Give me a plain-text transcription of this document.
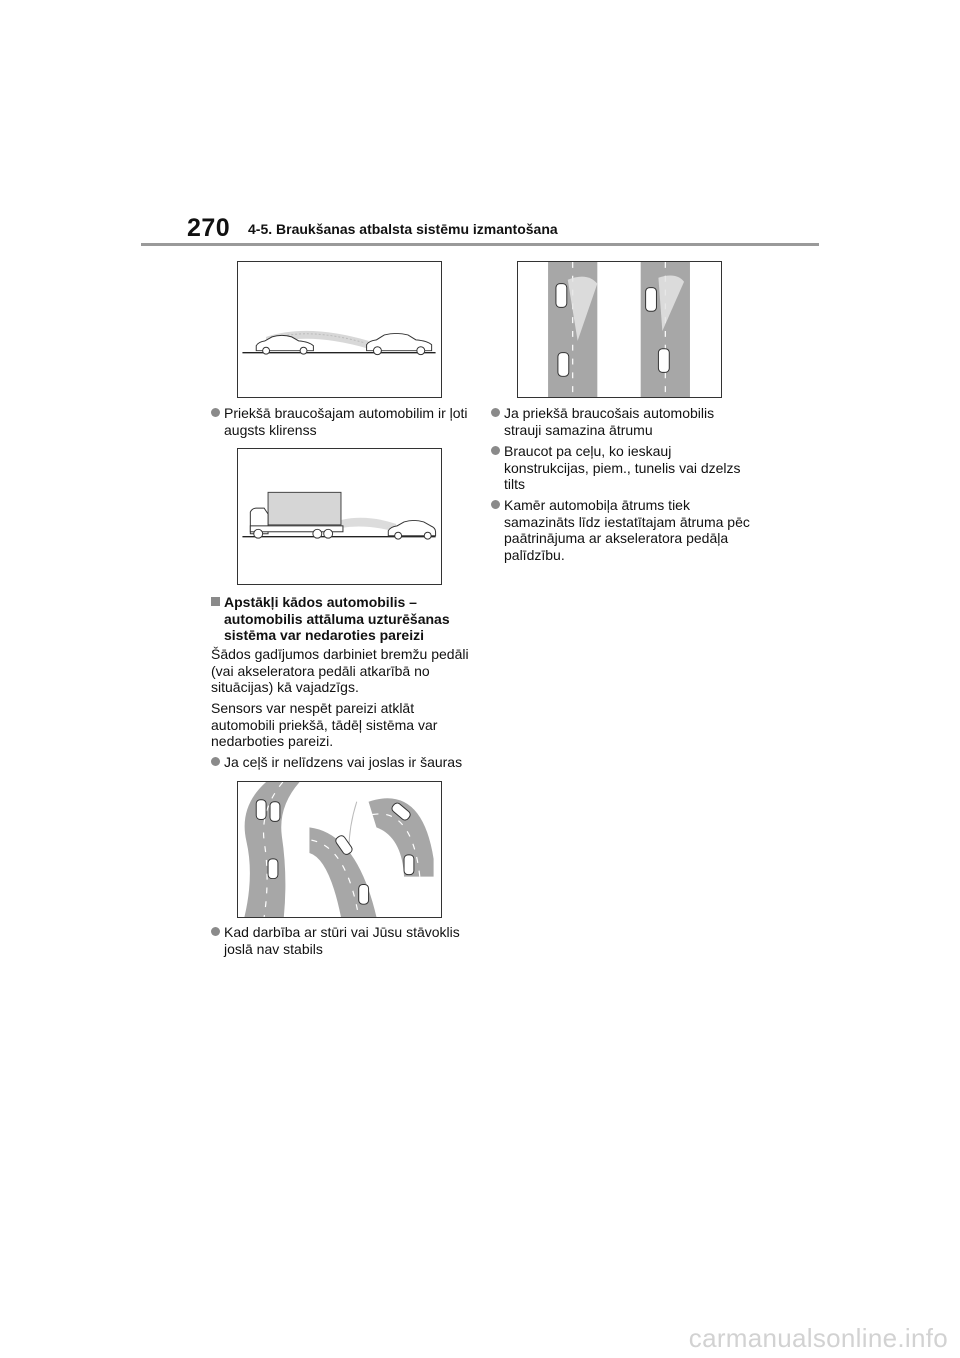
270 4-5. Braukšanas atbalsta sistēmu izmantošana
Priekšā braucošajam automobilim ir ļoti augsts klirenss
Apstākļi kādos automobilis – automobilis attāluma uzturēšanas sistēma var nedaroties pareizi
Šādos gadījumos darbiniet bremžu pedāli (vai akseleratora pedāli atkarībā no situācijas) kā vajadzīgs.
Sensors var nespēt pareizi atklāt automobili priekšā, tādēļ sistēma var nedarboties pareizi.
Ja ceļš ir nelīdzens vai joslas ir šauras
Kad darbība ar stūri vai Jūsu stāvoklis joslā nav stabils
Ja priekšā braucošais automobilis strauji samazina ātrumu
Braucot pa ceļu, ko ieskauj konstrukcijas, piem., tunelis vai dzelzs tilts
Kamēr automobiļa ātrums tiek samazināts līdz iestatītajam ātruma pēc paātrinājuma ar akseleratora pedāļa palīdzību.
carmanualsonline.info
